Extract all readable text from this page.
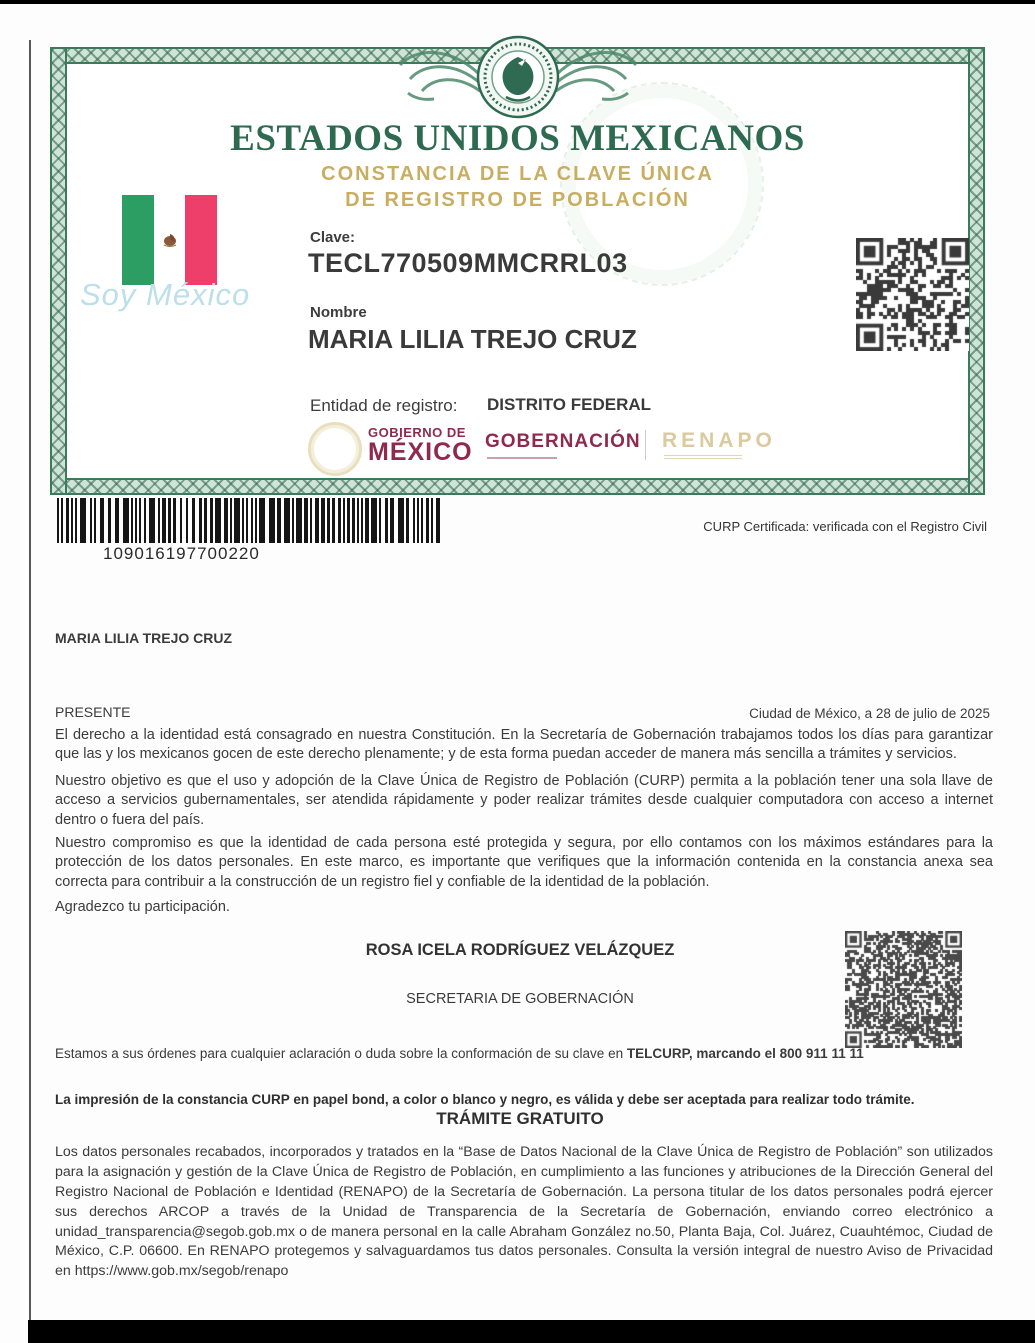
ESTADOS UNIDOS MEXICANOS
CONSTANCIA DE LA CLAVE ÚNICA
DE REGISTRO DE POBLACIÓN
Soy México
Clave:
TECL770509MMCRRL03
Nombre
MARIA LILIA TREJO CRUZ
Entidad de registro: DISTRITO FEDERAL
GOBIERNO DE
MÉXICO GOBERNACIÓN RENAPO
109016197700220
CURP Certificada: verificada con el Registro Civil
MARIA LILIA TREJO CRUZ
PRESENTE	Ciudad de México, a 28 de julio de 2025
El derecho a la identidad está consagrado en nuestra Constitución. En la Secretaría de Gobernación trabajamos todos los días para garantizar que las y los mexicanos gocen de este derecho plenamente; y de esta forma puedan acceder de manera más sencilla a trámites y servicios.
Nuestro objetivo es que el uso y adopción de la Clave Única de Registro de Población (CURP) permita a la población tener una sola llave de acceso a servicios gubernamentales, ser atendida rápidamente y poder realizar trámites desde cualquier computadora con acceso a internet dentro o fuera del país.
Nuestro compromiso es que la identidad de cada persona esté protegida y segura, por ello contamos con los máximos estándares para la protección de los datos personales. En este marco, es importante que verifiques que la información contenida en la constancia anexa sea correcta para contribuir a la construcción de un registro fiel y confiable de la identidad de la población.
Agradezco tu participación.
ROSA ICELA RODRÍGUEZ VELÁZQUEZ
SECRETARIA DE GOBERNACIÓN
Estamos a sus órdenes para cualquier aclaración o duda sobre la conformación de su clave en TELCURP, marcando el 800 911 11 11
La impresión de la constancia CURP en papel bond, a color o blanco y negro, es válida y debe ser aceptada para realizar todo trámite.
TRÁMITE GRATUITO
Los datos personales recabados, incorporados y tratados en la “Base de Datos Nacional de la Clave Única de Registro de Población” son utilizados para la asignación y gestión de la Clave Única de Registro de Población, en cumplimiento a las funciones y atribuciones de la Dirección General del Registro Nacional de Población e Identidad (RENAPO) de la Secretaría de Gobernación. La persona titular de los datos personales podrá ejercer sus derechos ARCOP a través de la Unidad de Transparencia de la Secretaría de Gobernación, enviando correo electrónico a unidad_transparencia@segob.gob.mx o de manera personal en la calle Abraham González no.50, Planta Baja, Col. Juárez, Cuauhtémoc, Ciudad de México, C.P. 06600. En RENAPO protegemos y salvaguardamos tus datos personales. Consulta la versión integral de nuestro Aviso de Privacidad en https://www.gob.mx/segob/renapo
